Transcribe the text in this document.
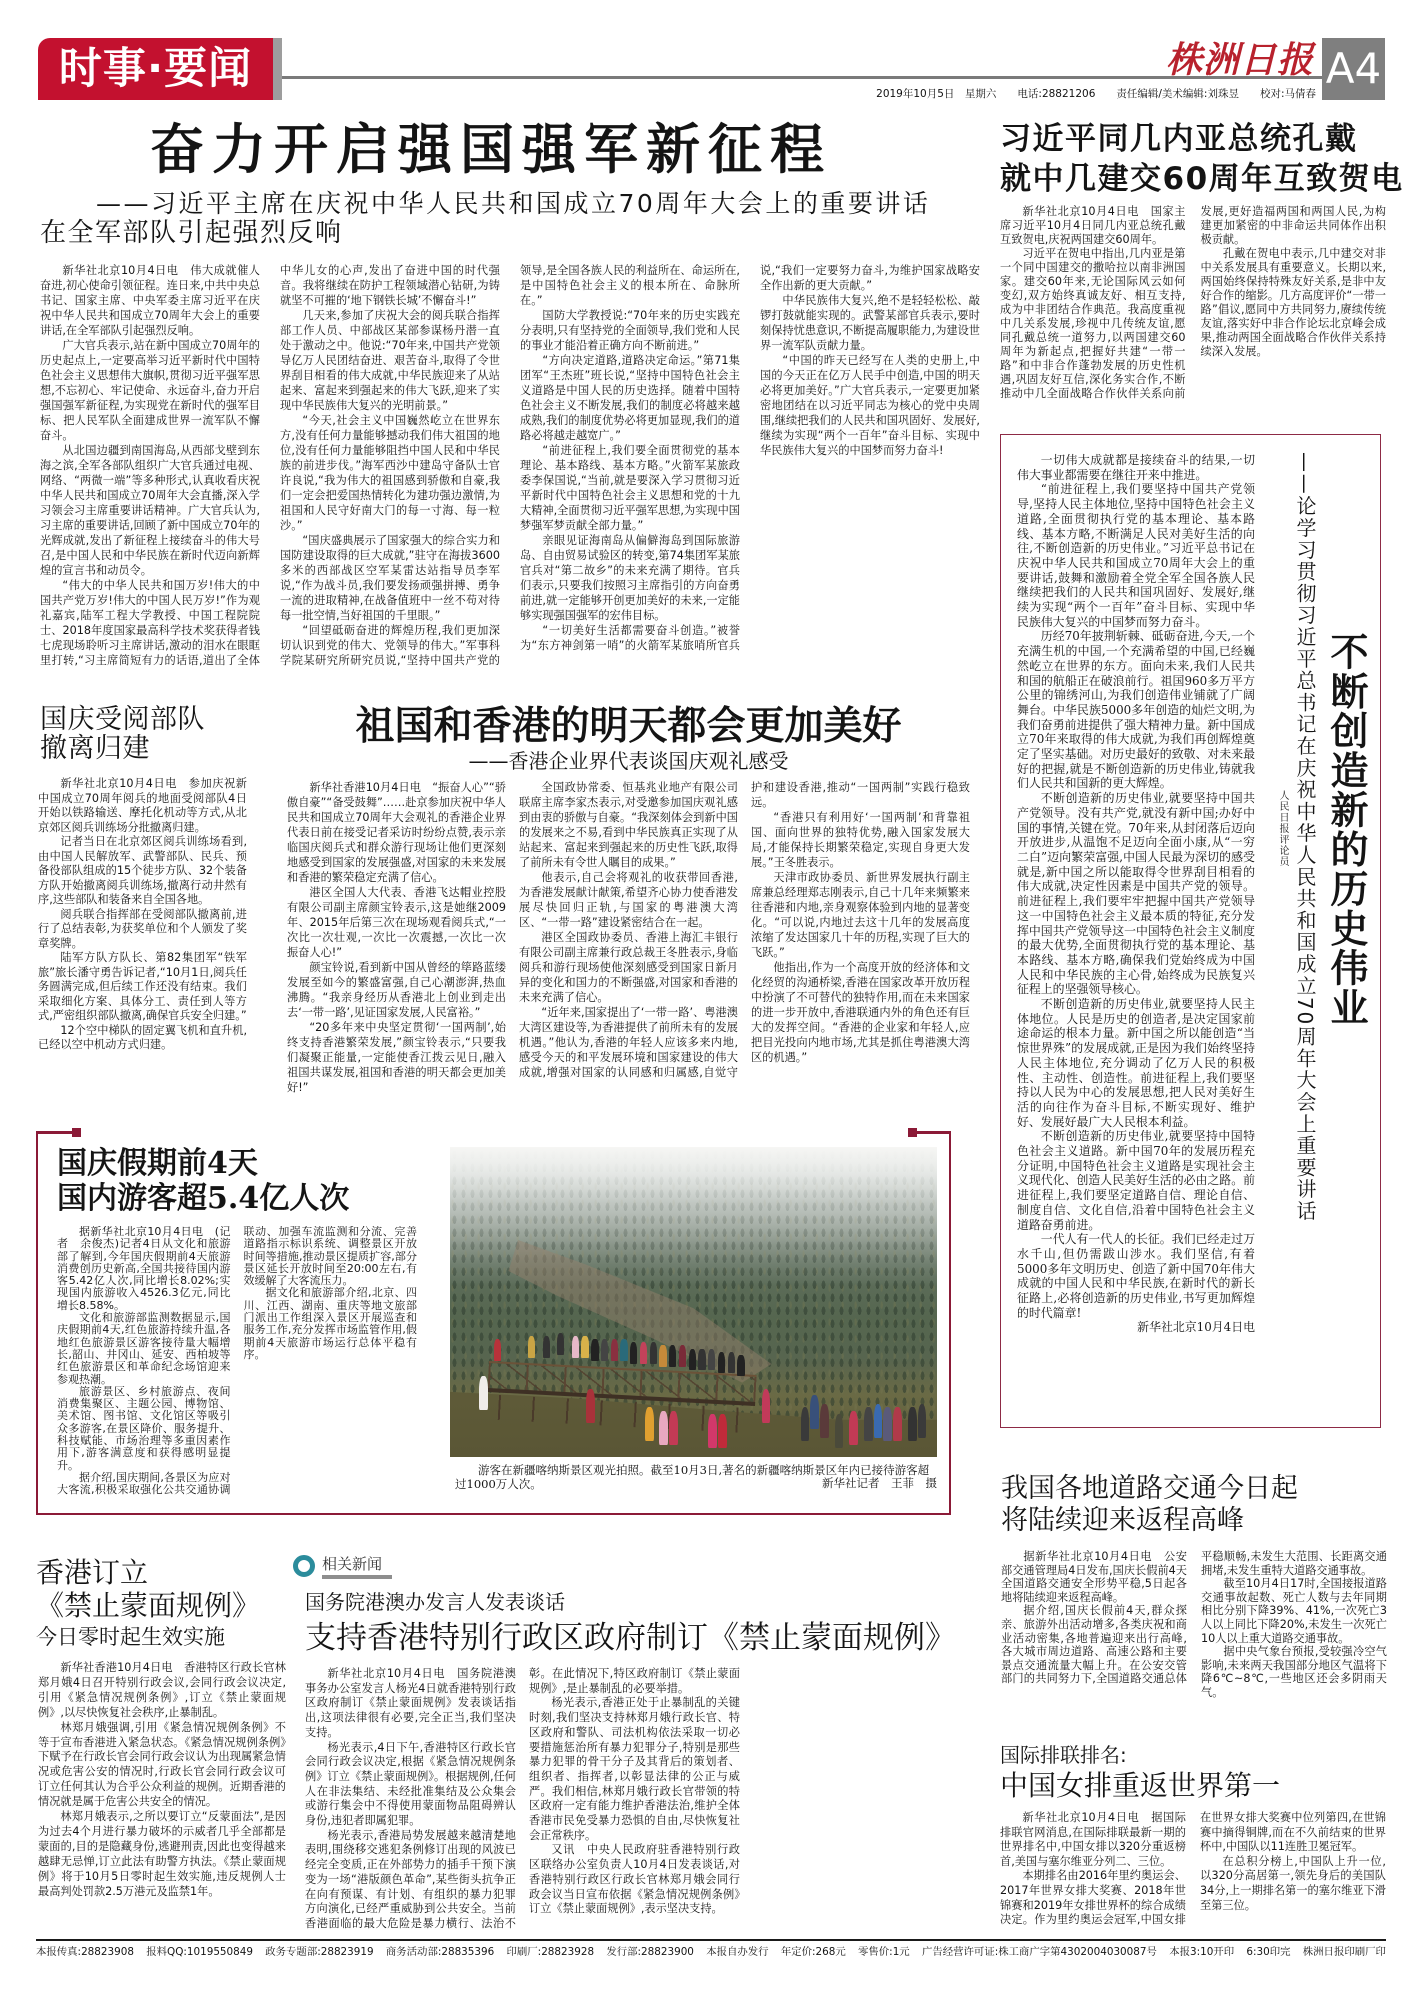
时事·要闻	株洲日报 A4
2019年10月5日　星期六　　电话:28821206　　责任编辑/美术编辑:刘珠昱　　校对:马倩春
奋力开启强国强军新征程
——习近平主席在庆祝中华人民共和国成立70周年大会上的重要讲话
在全军部队引起强烈反响

新华社北京10月4日电　伟大成就催人奋进,初心使命引领征程。连日来,中共中央总书记、国家主席、中央军委主席习近平在庆祝中华人民共和国成立70周年大会上的重要讲话,在全军部队引起强烈反响。

广大官兵表示,站在新中国成立70周年的历史起点上,一定要高举习近平新时代中国特色社会主义思想伟大旗帜,贯彻习近平强军思想,不忘初心、牢记使命、永远奋斗,奋力开启强国强军新征程,为实现党在新时代的强军目标、把人民军队全面建成世界一流军队不懈奋斗。

从北国边疆到南国海岛,从西部戈壁到东海之滨,全军各部队组织广大官兵通过电视、网络、“两微一端”等多种形式,认真收看庆祝中华人民共和国成立70周年大会直播,深入学习领会习主席重要讲话精神。广大官兵认为,习主席的重要讲话,回顾了新中国成立70年的光辉成就,发出了新征程上接续奋斗的伟大号召,是中国人民和中华民族在新时代迈向新辉煌的宣言书和动员令。

“伟大的中华人民共和国万岁!伟大的中国共产党万岁!伟大的中国人民万岁!”作为观礼嘉宾,陆军工程大学教授、中国工程院院士、2018年度国家最高科学技术奖获得者钱七虎现场聆听习主席讲话,激动的泪水在眼眶里打转,“习主席简短有力的话语,道出了全体中华儿女的心声,发出了奋进中国的时代强音。我将继续在防护工程领域潜心钻研,为铸就坚不可摧的‘地下钢铁长城’不懈奋斗!”

几天来,参加了庆祝大会的阅兵联合指挥部工作人员、中部战区某部参谋杨丹潜一直处于激动之中。他说:“70年来,中国共产党领导亿万人民团结奋进、艰苦奋斗,取得了令世界刮目相看的伟大成就,中华民族迎来了从站起来、富起来到强起来的伟大飞跃,迎来了实现中华民族伟大复兴的光明前景。”

“今天,社会主义中国巍然屹立在世界东方,没有任何力量能够撼动我们伟大祖国的地位,没有任何力量能够阻挡中国人民和中华民族的前进步伐。”海军西沙中建岛守备队士官许良说,“我为伟大的祖国感到骄傲和自豪,我们一定会把爱国热情转化为建功强边激情,为祖国和人民守好南大门的每一寸海、每一粒沙。”

“国庆盛典展示了国家强大的综合实力和国防建设取得的巨大成就,”驻守在海拔3600多米的西部战区空军某雷达站指导员李军说,“作为战斗员,我们要发扬顽强拼搏、勇争一流的进取精神,在战备值班中一丝不苟对待每一批空情,当好祖国的千里眼。”

“回望砥砺奋进的辉煌历程,我们更加深切认识到党的伟大、党领导的伟大。”军事科学院某研究所研究员说,“坚持中国共产党的领导,是全国各族人民的利益所在、命运所在,是中国特色社会主义的根本所在、命脉所在。”

国防大学教授说:“70年来的历史实践充分表明,只有坚持党的全面领导,我们党和人民的事业才能沿着正确方向不断前进。”

“方向决定道路,道路决定命运。”第71集团军“王杰班”班长说,“坚持中国特色社会主义道路是中国人民的历史选择。随着中国特色社会主义不断发展,我们的制度必将越来越成熟,我们的制度优势必将更加显现,我们的道路必将越走越宽广。”

“前进征程上,我们要全面贯彻党的基本理论、基本路线、基本方略。”火箭军某旅政委李保国说,“当前,就是要深入学习贯彻习近平新时代中国特色社会主义思想和党的十九大精神,全面贯彻习近平强军思想,为实现中国梦强军梦贡献全部力量。”

亲眼见证海南岛从偏僻海岛到国际旅游岛、自由贸易试验区的转变,第74集团军某旅官兵对“第二故乡”的未来充满了期待。官兵们表示,只要我们按照习主席指引的方向奋勇前进,就一定能够开创更加美好的未来,一定能够实现强国强军的宏伟目标。

“一切美好生活都需要奋斗创造。”被誉为“东方神剑第一哨”的火箭军某旅哨所官兵说,“我们一定要努力奋斗,为维护国家战略安全作出新的更大贡献。”

中华民族伟大复兴,绝不是轻轻松松、敲锣打鼓就能实现的。武警某部官兵表示,要时刻保持忧患意识,不断提高履职能力,为建设世界一流军队贡献力量。

“中国的昨天已经写在人类的史册上,中国的今天正在亿万人民手中创造,中国的明天必将更加美好。”广大官兵表示,一定要更加紧密地团结在以习近平同志为核心的党中央周围,继续把我们的人民共和国巩固好、发展好,继续为实现“两个一百年”奋斗目标、实现中华民族伟大复兴的中国梦而努力奋斗!

习近平同几内亚总统孔戴
就中几建交60周年互致贺电

新华社北京10月4日电　国家主席习近平10月4日同几内亚总统孔戴互致贺电,庆祝两国建交60周年。

习近平在贺电中指出,几内亚是第一个同中国建交的撒哈拉以南非洲国家。建交60年来,无论国际风云如何变幻,双方始终真诚友好、相互支持,成为中非团结合作典范。我高度重视中几关系发展,珍视中几传统友谊,愿同孔戴总统一道努力,以两国建交60周年为新起点,把握好共建“一带一路”和中非合作蓬勃发展的历史性机遇,巩固友好互信,深化务实合作,不断推动中几全面战略合作伙伴关系向前发展,更好造福两国和两国人民,为构建更加紧密的中非命运共同体作出积极贡献。

孔戴在贺电中表示,几中建交对非中关系发展具有重要意义。长期以来,两国始终保持特殊友好关系,是非中友好合作的缩影。几方高度评价“一带一路”倡议,愿同中方共同努力,赓续传统友谊,落实好中非合作论坛北京峰会成果,推动两国全面战略合作伙伴关系持续深入发展。

一切伟大成就都是接续奋斗的结果,一切伟大事业都需要在继往开来中推进。

“前进征程上,我们要坚持中国共产党领导,坚持人民主体地位,坚持中国特色社会主义道路,全面贯彻执行党的基本理论、基本路线、基本方略,不断满足人民对美好生活的向往,不断创造新的历史伟业。”习近平总书记在庆祝中华人民共和国成立70周年大会上的重要讲话,鼓舞和激励着全党全军全国各族人民继续把我们的人民共和国巩固好、发展好,继续为实现“两个一百年”奋斗目标、实现中华民族伟大复兴的中国梦而努力奋斗。

历经70年披荆斩棘、砥砺奋进,今天,一个充满生机的中国,一个充满希望的中国,已经巍然屹立在世界的东方。面向未来,我们人民共和国的航船正在破浪前行。祖国960多万平方公里的锦绣河山,为我们创造伟业铺就了广阔舞台。中华民族5000多年创造的灿烂文明,为我们奋勇前进提供了强大精神力量。新中国成立70年来取得的伟大成就,为我们再创辉煌奠定了坚实基础。对历史最好的致敬、对未来最好的把握,就是不断创造新的历史伟业,铸就我们人民共和国新的更大辉煌。

不断创造新的历史伟业,就要坚持中国共产党领导。没有共产党,就没有新中国;办好中国的事情,关键在党。70年来,从封闭落后迈向开放进步,从温饱不足迈向全面小康,从“一穷二白”迈向繁荣富强,中国人民最为深切的感受就是,新中国之所以能取得令世界刮目相看的伟大成就,决定性因素是中国共产党的领导。前进征程上,我们要牢牢把握中国共产党领导这一中国特色社会主义最本质的特征,充分发挥中国共产党领导这一中国特色社会主义制度的最大优势,全面贯彻执行党的基本理论、基本路线、基本方略,确保我们党始终成为中国人民和中华民族的主心骨,始终成为民族复兴征程上的坚强领导核心。

不断创造新的历史伟业,就要坚持人民主体地位。人民是历史的创造者,是决定国家前途命运的根本力量。新中国之所以能创造“当惊世界殊”的发展成就,正是因为我们始终坚持人民主体地位,充分调动了亿万人民的积极性、主动性、创造性。前进征程上,我们要坚持以人民为中心的发展思想,把人民对美好生活的向往作为奋斗目标,不断实现好、维护好、发展好最广大人民根本利益。

不断创造新的历史伟业,就要坚持中国特色社会主义道路。新中国70年的发展历程充分证明,中国特色社会主义道路是实现社会主义现代化、创造人民美好生活的必由之路。前进征程上,我们要坚定道路自信、理论自信、制度自信、文化自信,沿着中国特色社会主义道路奋勇前进。

一代人有一代人的长征。我们已经走过万水千山,但仍需跋山涉水。我们坚信,有着5000多年文明历史、创造了新中国70年伟大成就的中国人民和中华民族,在新时代的新长征路上,必将创造新的历史伟业,书写更加辉煌的时代篇章!

新华社北京10月4日电

——论学习贯彻习近平总书记在庆祝中华人民共和国成立70周年大会上重要讲话 不断创造新的历史伟业
人民日报评论员
国庆受阅部队
撤离归建

新华社北京10月4日电　参加庆祝新中国成立70周年阅兵的地面受阅部队4日开始以铁路输送、摩托化机动等方式,从北京郊区阅兵训练场分批撤离归建。

记者当日在北京郊区阅兵训练场看到,由中国人民解放军、武警部队、民兵、预备役部队组成的15个徒步方队、32个装备方队开始撤离阅兵训练场,撤离行动井然有序,这些部队和装备来自全国各地。

阅兵联合指挥部在受阅部队撤离前,进行了总结表彰,为获奖单位和个人颁发了奖章奖牌。

陆军方队方队长、第82集团军“铁军旅”旅长潘守勇告诉记者,“10月1日,阅兵任务圆满完成,但后续工作还没有结束。我们采取细化方案、具体分工、责任到人等方式,严密组织部队撤离,确保官兵安全归建。”

12个空中梯队的固定翼飞机和直升机,已经以空中机动方式归建。

祖国和香港的明天都会更加美好
——香港企业界代表谈国庆观礼感受

新华社香港10月4日电　“振奋人心”“骄傲自豪”“备受鼓舞”……赴京参加庆祝中华人民共和国成立70周年大会观礼的香港企业界代表日前在接受记者采访时纷纷点赞,表示亲临国庆阅兵式和群众游行现场让他们更深刻地感受到国家的发展强盛,对国家的未来发展和香港的繁荣稳定充满了信心。

港区全国人大代表、香港飞达帽业控股有限公司副主席颜宝铃表示,这是她继2009年、2015年后第三次在现场观看阅兵式,“一次比一次壮观,一次比一次震撼,一次比一次振奋人心!”

颜宝铃说,看到新中国从曾经的筚路蓝缕发展至如今的繁盛富强,自己心潮澎湃,热血沸腾。“我亲身经历从香港北上创业到走出去‘一带一路’,见证国家发展,人民富裕。”

“20多年来中央坚定贯彻‘一国两制’,始终支持香港繁荣发展,”颜宝铃表示,“只要我们凝聚正能量,一定能使香江拨云见日,融入祖国共谋发展,祖国和香港的明天都会更加美好!”

全国政协常委、恒基兆业地产有限公司联席主席李家杰表示,对受邀参加国庆观礼感到由衷的骄傲与自豪。“我深刻体会到新中国的发展来之不易,看到中华民族真正实现了从站起来、富起来到强起来的历史性飞跃,取得了前所未有令世人瞩目的成果。”

他表示,自己会将观礼的收获带回香港,为香港发展献计献策,希望齐心协力使香港发展尽快回归正轨,与国家的粤港澳大湾区、“一带一路”建设紧密结合在一起。

港区全国政协委员、香港上海汇丰银行有限公司副主席兼行政总裁王冬胜表示,身临阅兵和游行现场使他深刻感受到国家日新月异的变化和国力的不断强盛,对国家和香港的未来充满了信心。

“近年来,国家提出了‘一带一路’、粤港澳大湾区建设等,为香港提供了前所未有的发展机遇。”他认为,香港的年轻人应该多来内地,感受今天的和平发展环境和国家建设的伟大成就,增强对国家的认同感和归属感,自觉守护和建设香港,推动“一国两制”实践行稳致远。

“香港只有利用好‘一国两制’和背靠祖国、面向世界的独特优势,融入国家发展大局,才能保持长期繁荣稳定,实现自身更大发展。”王冬胜表示。

天津市政协委员、新世界发展执行副主席兼总经理郑志刚表示,自己十几年来频繁来往香港和内地,亲身观察体验到内地的显著变化。“可以说,内地过去这十几年的发展高度浓缩了发达国家几十年的历程,实现了巨大的飞跃。”

他指出,作为一个高度开放的经济体和文化经贸的沟通桥梁,香港在国家改革开放历程中扮演了不可替代的独特作用,而在未来国家的进一步开放中,香港联通内外的角色还有巨大的发挥空间。“香港的企业家和年轻人,应把目光投向内地市场,尤其是抓住粤港澳大湾区的机遇。”

国庆假期前4天
国内游客超5.4亿人次

据新华社北京10月4日电　(记者　余俊杰)记者4日从文化和旅游部了解到,今年国庆假期前4天旅游消费创历史新高,全国共接待国内游客5.42亿人次,同比增长8.02%;实现国内旅游收入4526.3亿元,同比增长8.58%。

文化和旅游部监测数据显示,国庆假期前4天,红色旅游持续升温,各地红色旅游景区游客接待量大幅增长,韶山、井冈山、延安、西柏坡等红色旅游景区和革命纪念场馆迎来参观热潮。

旅游景区、乡村旅游点、夜间消费集聚区、主题公园、博物馆、美术馆、图书馆、文化馆区等吸引众多游客,在景区降价、服务提升、科技赋能、市场治理等多重因素作用下,游客满意度和获得感明显提升。

据介绍,国庆期间,各景区为应对大客流,积极采取强化公共交通协调联动、加强车流监测和分流、完善道路指示标识系统、调整景区开放时间等措施,推动景区提质扩容,部分景区延长开放时间至20:00左右,有效缓解了大客流压力。

据文化和旅游部介绍,北京、四川、江西、湖南、重庆等地文旅部门派出工作组深入景区开展巡查和服务工作,充分发挥市场监管作用,假期前4天旅游市场运行总体平稳有序。

游客在新疆喀纳斯景区观光拍照。截至10月3日,著名的新疆喀纳斯景区年内已接待游客超过1000万人次。	新华社记者　王菲　摄
香港订立
《禁止蒙面规例》
今日零时起生效实施

新华社香港10月4日电　香港特区行政长官林郑月娥4日召开特别行政会议,会同行政会议决定,引用《紧急情况规例条例》,订立《禁止蒙面规例》,以尽快恢复社会秩序,止暴制乱。

林郑月娥强调,引用《紧急情况规例条例》不等于宣布香港进入紧急状态。《紧急情况规例条例》下赋予在行政长官会同行政会议认为出现属紧急情况或危害公安的情况时,行政长官会同行政会议可订立任何其认为合乎公众利益的规例。近期香港的情况就是属于危害公共安全的情况。

林郑月娥表示,之所以要订立“反蒙面法”,是因为过去4个月进行暴力破坏的示威者几乎全部都是蒙面的,目的是隐藏身份,逃避刑责,因此也变得越来越肆无忌惮,订立此法有助警方执法。《禁止蒙面规例》将于10月5日零时起生效实施,违反规例人士最高判处罚款2.5万港元及监禁1年。

相关新闻
国务院港澳办发言人发表谈话
支持香港特别行政区政府制订《禁止蒙面规例》

新华社北京10月4日电　国务院港澳事务办公室发言人杨光4日就香港特别行政区政府制订《禁止蒙面规例》发表谈话指出,这项法律很有必要,完全正当,我们坚决支持。

杨光表示,4日下午,香港特区行政长官会同行政会议决定,根据《紧急情况规例条例》订立《禁止蒙面规例》。根据规例,任何人在非法集结、未经批准集结及公众集会或游行集会中不得使用蒙面物品阻碍辨认身份,违犯者即属犯罪。

杨光表示,香港局势发展越来越清楚地表明,围绕移交逃犯条例修订出现的风波已经完全变质,正在外部势力的插手干预下演变为一场“港版颜色革命”,某些街头抗争正在向有预谋、有计划、有组织的暴力犯罪方向演化,已经严重威胁到公共安全。当前香港面临的最大危险是暴力横行、法治不彰。在此情况下,特区政府制订《禁止蒙面规例》,是止暴制乱的必要举措。

杨光表示,香港正处于止暴制乱的关键时刻,我们坚决支持林郑月娥行政长官、特区政府和警队、司法机构依法采取一切必要措施惩治所有暴力犯罪分子,特别是那些暴力犯罪的骨干分子及其背后的策划者、组织者、指挥者,以彰显法律的公正与威严。我们相信,林郑月娥行政长官带领的特区政府一定有能力维护香港法治,维护全体香港市民免受暴力恐惧的自由,尽快恢复社会正常秩序。

又讯　中央人民政府驻香港特别行政区联络办公室负责人10月4日发表谈话,对香港特别行政区行政长官林郑月娥会同行政会议当日宣布依据《紧急情况规例条例》订立《禁止蒙面规例》,表示坚决支持。

我国各地道路交通今日起
将陆续迎来返程高峰

据新华社北京10月4日电　公安部交通管理局4日发布,国庆长假前4天全国道路交通安全形势平稳,5日起各地将陆续迎来返程高峰。

据介绍,国庆长假前4天,群众探亲、旅游外出活动增多,各类庆祝和商业活动密集,各地普遍迎来出行高峰,各大城市周边道路、高速公路和主要景点交通流量大幅上升。在公安交管部门的共同努力下,全国道路交通总体平稳顺畅,未发生大范围、长距离交通拥堵,未发生重特大道路交通事故。

截至10月4日17时,全国接报道路交通事故起数、死亡人数与去年同期相比分别下降39%、41%,一次死亡3人以上同比下降20%,未发生一次死亡10人以上重大道路交通事故。

据中央气象台预报,受较强冷空气影响,未来两天我国部分地区气温将下降6℃~8℃,一些地区还会多阴雨天气。

国际排联排名:
中国女排重返世界第一

新华社北京10月4日电　据国际排联官网消息,在国际排联最新一期的世界排名中,中国女排以320分重返榜首,美国与塞尔维亚分列二、三位。

本期排名由2016年里约奥运会、2017年世界女排大奖赛、2018年世锦赛和2019年女排世界杯的综合成绩决定。作为里约奥运会冠军,中国女排在世界女排大奖赛中位列第四,在世锦赛中摘得铜牌,而在不久前结束的世界杯中,中国队以11连胜卫冕冠军。

在总积分榜上,中国队上升一位,以320分高居第一,领先身后的美国队34分,上一期排名第一的塞尔维亚下滑至第三位。

本报传真:28823908 报料QQ:1019550849 政务专题部:28823919 商务活动部:28835396 印刷厂:28823928 发行部:28823900 本报自办发行 年定价:268元 零售价:1元 广告经营许可证:株工商广字第4302004030087号 本报3:10开印 6:30印完 株洲日报印刷厂印
